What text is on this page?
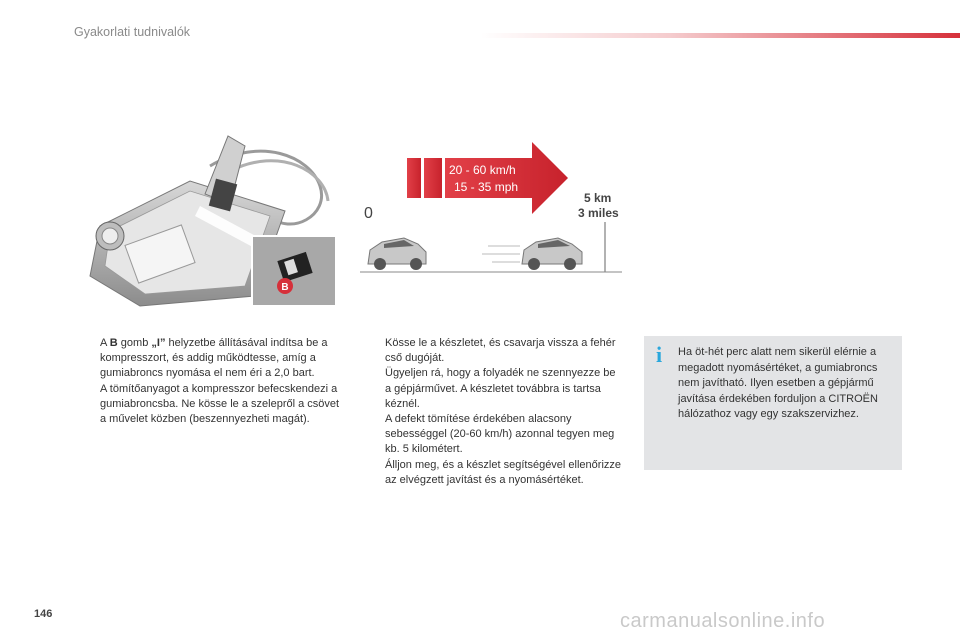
Gyakorlati tudnivalók
B
20 - 60 km/h
15 - 35 mph
0
5 km
3 miles

A B gomb „I” helyzetbe állításával indítsa be a kompresszort, és addig működtesse, amíg a gumiabroncs nyomása el nem éri a 2,0 bart.

A tömítőanyagot a kompresszor befecskendezi a gumiabroncsba. Ne kösse le a szelepről a csövet a művelet közben (beszennyezheti magát).

Kösse le a készletet, és csavarja vissza a fehér cső dugóját.

Ügyeljen rá, hogy a folyadék ne szennyezze be a gépjárművet. A készletet továbbra is tartsa kéznél.

A defekt tömítése érdekében alacsony sebességgel (20-60 km/h) azonnal tegyen meg kb. 5 kilométert.

Álljon meg, és a készlet segítségével ellenőrizze az elvégzett javítást és a nyomásértéket.

i Ha öt-hét perc alatt nem sikerül elérnie a megadott nyomásértéket, a gumiabroncs nem javítható. Ilyen esetben a gépjármű javítása érdekében forduljon a CITROËN hálózathoz vagy egy szakszervizhez.
146	carmanualsonline.info
